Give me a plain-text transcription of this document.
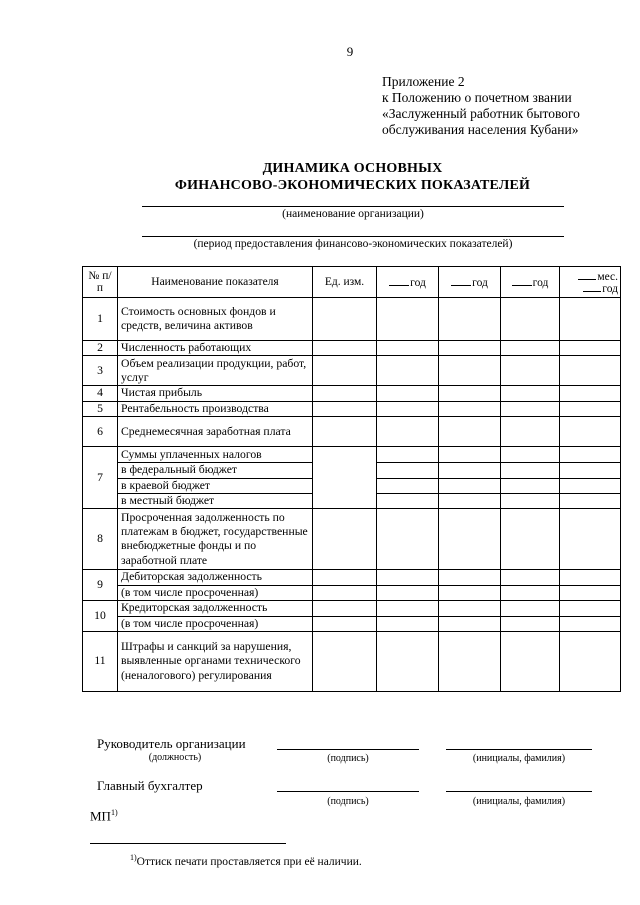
9
Приложение 2
к Положению о почетном звании
«Заслуженный работник бытового
обслуживания населения Кубани»
ДИНАМИКА ОСНОВНЫХ
ФИНАНСОВО-ЭКОНОМИЧЕСКИХ ПОКАЗАТЕЛЕЙ
(наименование организации)
(период предоставления финансово-экономических показателей)
№ п/п	Наименование показателя	Ед. изм.	год	год	год	мес.
год

1	Стоимость основных фондов и средств, величина активов					
2	Численность работающих					
3	Объем реализации продукции, работ, услуг					
4	Чистая прибыль					
5	Рентабельность производства					
6	Среднемесячная заработная плата					
7	Суммы уплаченных налогов					
	в федеральный бюджет					
	в краевой бюджет					
	в местный бюджет					
8	Просроченная задолженность по платежам в бюджет, государственные внебюджетные фонды и по заработной плате					
9	Дебиторская задолженность					
	(в том числе просроченная)					
10	Кредиторская задолженность					
	(в том числе просроченная)					
11	Штрафы и санкций за нарушения, выявленные органами технического (неналогового) регулирования					
Руководитель организации
(должность)	(подпись)	(инициалы, фамилия)
Главный бухгалтер
(подпись)	(инициалы, фамилия)
МП$^{1)}$
$^{1)}$Оттиск печати проставляется при её наличии.
